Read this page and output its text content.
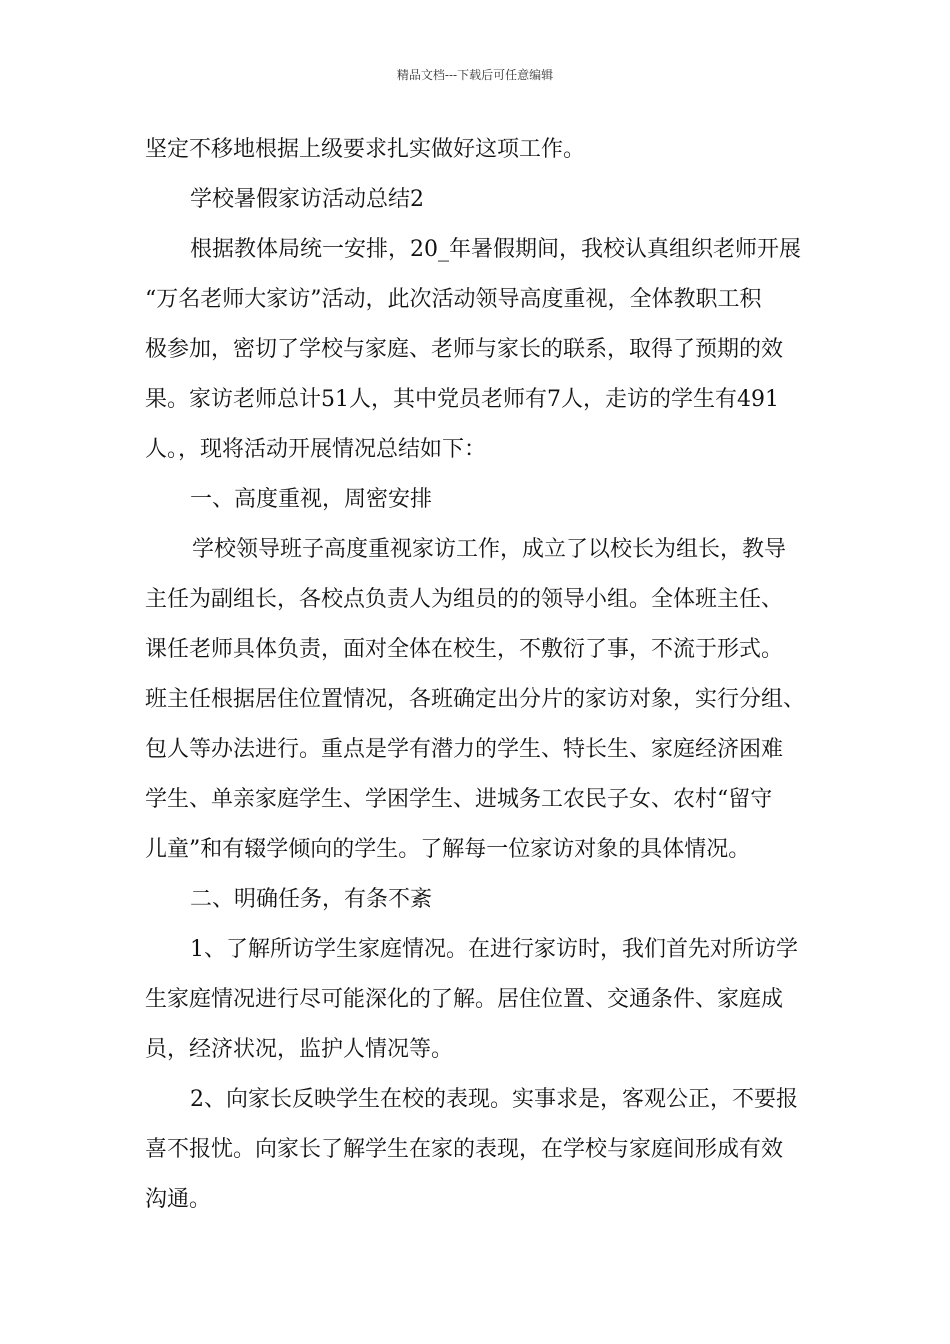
精品文档---下载后可任意编辑
坚定不移地根据上级要求扎实做好这项工作。
学校暑假家访活动总结2
根据教体局统一安排，20_年暑假期间，我校认真组织老师开展
“万名老师大家访”活动，此次活动领导高度重视，全体教职工积
极参加，密切了学校与家庭、老师与家长的联系，取得了预期的效
果。家访老师总计51人，其中党员老师有7人，走访的学生有491
人。，现将活动开展情况总结如下：
一、高度重视，周密安排
学校领导班子高度重视家访工作，成立了以校长为组长，教导
主任为副组长，各校点负责人为组员的的领导小组。全体班主任、
课任老师具体负责，面对全体在校生，不敷衍了事，不流于形式。
班主任根据居住位置情况，各班确定出分片的家访对象，实行分组、
包人等办法进行。重点是学有潜力的学生、特长生、家庭经济困难
学生、单亲家庭学生、学困学生、进城务工农民子女、农村“留守
儿童”和有辍学倾向的学生。了解每一位家访对象的具体情况。
二、明确任务，有条不紊
1、了解所访学生家庭情况。在进行家访时，我们首先对所访学
生家庭情况进行尽可能深化的了解。居住位置、交通条件、家庭成
员，经济状况，监护人情况等。
2、向家长反映学生在校的表现。实事求是，客观公正，不要报
喜不报忧。向家长了解学生在家的表现，在学校与家庭间形成有效
沟通。
